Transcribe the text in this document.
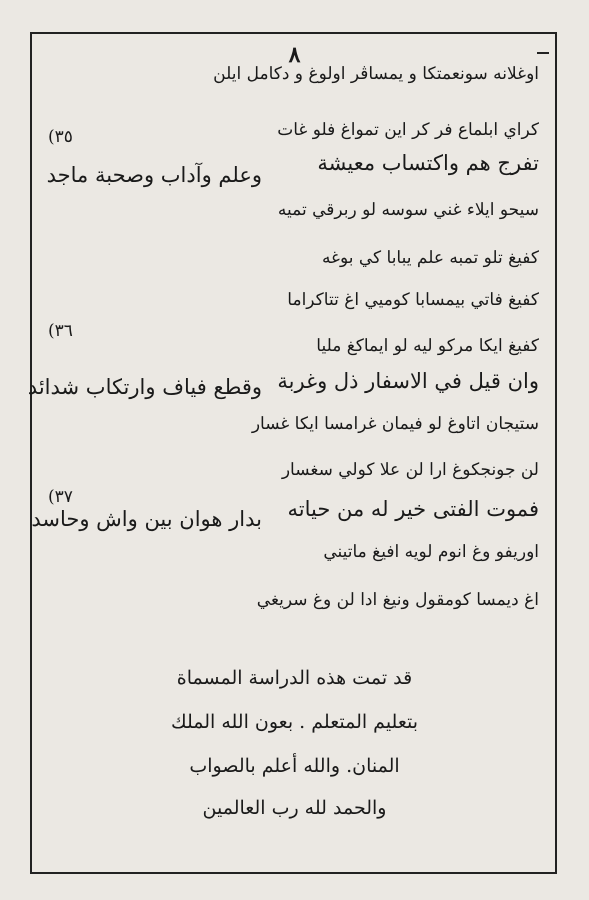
٨
اوغلانه سونعمتكا و يمساڤر اولوغ و دكامل ايلن
كراي ابلماع فر كر اين تمواغ فلو غات
(٣٥
تفرج هم واكتساب معيشة
وعلم وآداب وصحبة ماجد
سيحو ايلاء غني سوسه لو ربرقي تميه
كفيغ تلو تمبه علم يبابا كي بوغه
كفيغ فاتي بيمسابا كوميي اغ تتاكراما
(٣٦
كفيغ ايكا مركو ليه لو ايماكغ مليا
وان قيل في الاسفار ذل وغربة
وقطع فياف وارتكاب شدائد
ستيجان اتاوغ لو فيمان غرامسا ايكا غسار
لن جونجكوغ ارا لن علا كولي سغسار
(٣٧	فموت الفتى خير له من حياته
بدار هوان بين واش وحاسد
اوريفو وغ انوم لويه افيغ ماتيني
اغ ديمسا كومقول ونيغ ادا لن وغ سريغي
قد تمت هذه الدراسة المسماة
بتعليم المتعلم . بعون الله الملك
المنان. والله أعلم بالصواب
والحمد لله رب العالمين
